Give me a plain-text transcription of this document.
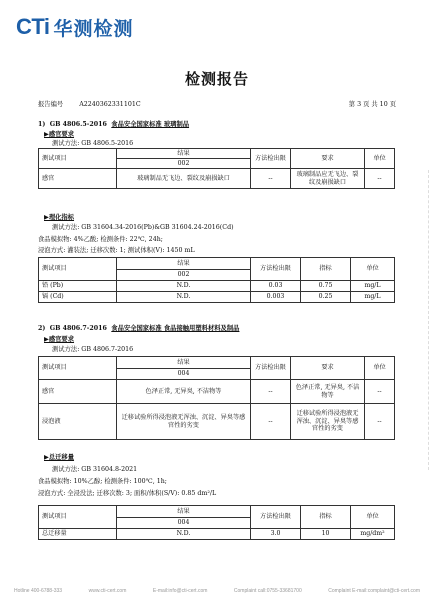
CTi 华测检测
检测报告
报告编号	A2240362331101C	第 3 页 共 10 页
1) GB 4806.5-2016 食品安全国家标准 玻璃制品
▶感官要求
测试方法: GB 4806.5-2016
测试项目	结果	方法检出限	要求	单位
	002			
感官	玻璃制品无飞边、裂纹及崩损缺口	--	玻璃制品应无飞边、裂纹及崩损缺口	--
▶理化指标
测试方法: GB 31604.34-2016(Pb)&GB 31604.24-2016(Cd)
食品模拟物: 4%乙酸; 检测条件: 22℃, 24h;
浸泡方式: 灌装法; 迁移次数: 1; 测试体积(V): 1450 mL
测试项目	结果	方法检出限	指标	单位
	002			
铅 (Pb)	N.D.	0.03	0.75	mg/L
镉 (Cd)	N.D.	0.003	0.25	mg/L
2) GB 4806.7-2016 食品安全国家标准 食品接触用塑料材料及制品
▶感官要求
测试方法: GB 4806.7-2016
测试项目	结果	方法检出限	要求	单位
	004			
感官	色泽正常, 无异臭, 不洁物等	--	色泽正常, 无异臭, 不洁物等	--
浸泡液	迁移试验所得浸泡液无浑浊、沉淀、异臭等感官性的劣变	--	迁移试验所得浸泡液无浑浊、沉淀、异臭等感官性的劣变	--
▶总迁移量
测试方法: GB 31604.8-2021
食品模拟物: 10%乙醇; 检测条件: 100℃, 1h;
浸泡方式: 全浸没法; 迁移次数: 3; 面积/体积(S/V): 0.85 dm²/L
测试项目	结果	方法检出限	指标	单位
	004			
总迁移量	N.D.	3.0	10	mg/dm²
Hotline 400-6788-333	www.cti-cert.com	E-mail:info@cti-cert.com	Complaint call:0755-33681700	Complaint E-mail:complaint@cti-cert.com
